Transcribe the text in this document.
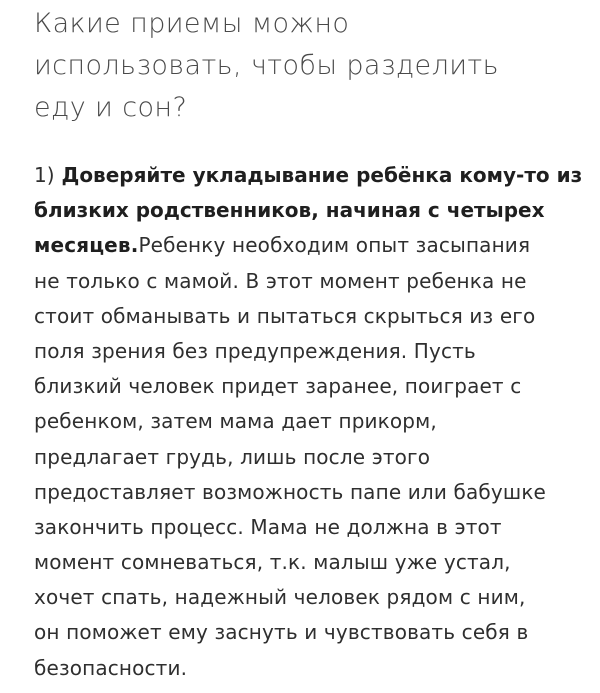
Какие приемы можно
использовать, чтобы разделить
еду и сон?

1) Доверяйте укладывание ребёнка кому-то из
близких родственников, начиная с четырех
месяцев.Ребенку необходим опыт засыпания
не только с мамой. В этот момент ребенка не
стоит обманывать и пытаться скрыться из его
поля зрения без предупреждения. Пусть
близкий человек придет заранее, поиграет с
ребенком, затем мама дает прикорм,
предлагает грудь, лишь после этого
предоставляет возможность папе или бабушке
закончить процесс. Мама не должна в этот
момент сомневаться, т.к. малыш уже устал,
хочет спать, надежный человек рядом с ним,
он поможет ему заснуть и чувствовать себя в
безопасности.
